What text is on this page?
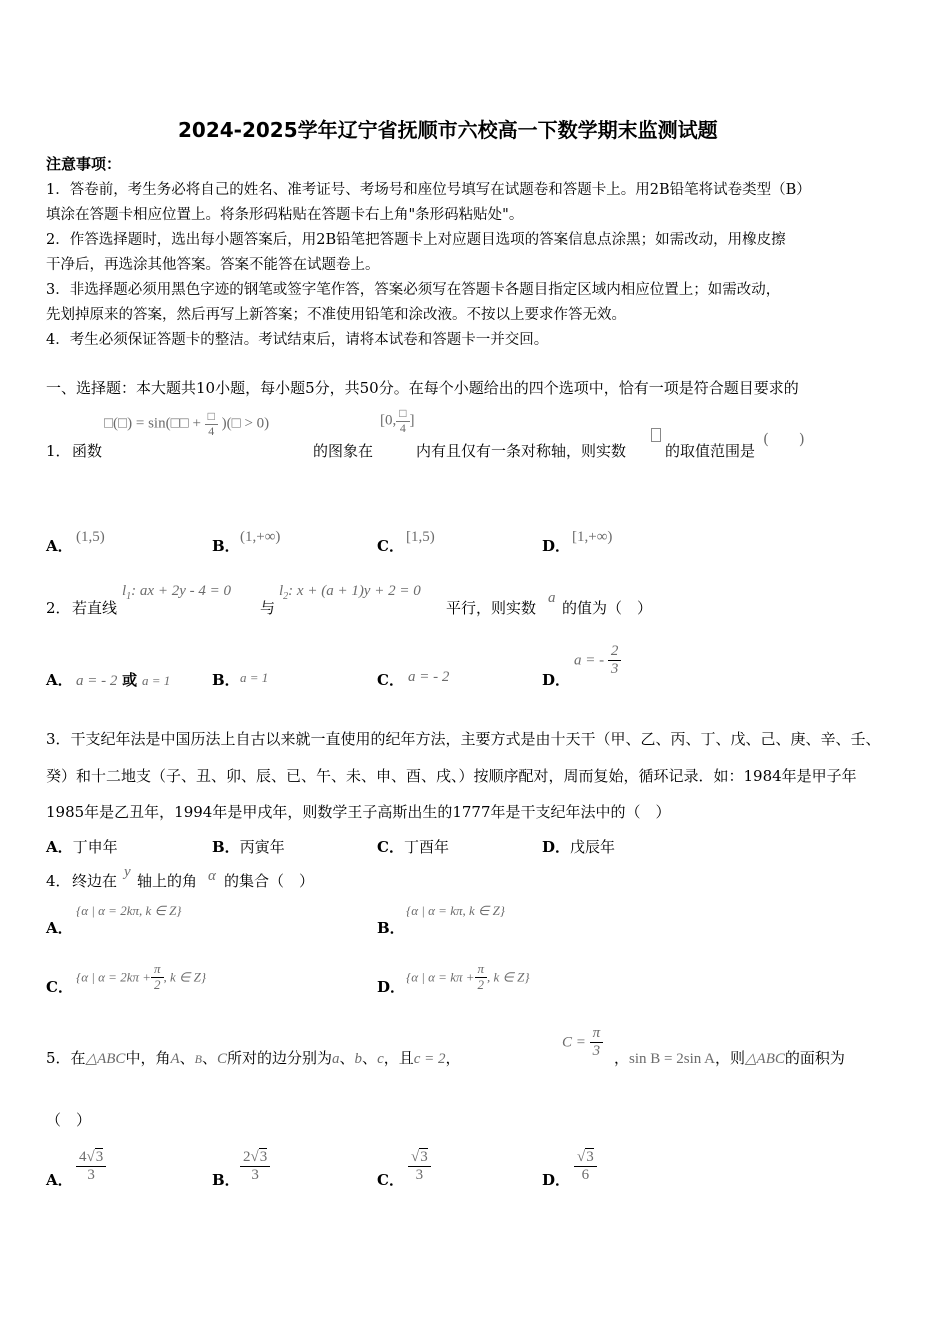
2024-2025学年辽宁省抚顺市六校高一下数学期末监测试题
注意事项：
1．答卷前，考生务必将自己的姓名、准考证号、考场号和座位号填写在试题卷和答题卡上。用2B铅笔将试卷类型（B）
填涂在答题卡相应位置上。将条形码粘贴在答题卡右上角"条形码粘贴处"。
2．作答选择题时，选出每小题答案后，用2B铅笔把答题卡上对应题目选项的答案信息点涂黑；如需改动，用橡皮擦
干净后，再选涂其他答案。答案不能答在试题卷上。
3．非选择题必须用黑色字迹的钢笔或签字笔作答，答案必须写在答题卡各题目指定区域内相应位置上；如需改动，
先划掉原来的答案，然后再写上新答案；不准使用铅笔和涂改液。不按以上要求作答无效。
4．考生必须保证答题卡的整洁。考试结束后，请将本试卷和答题卡一并交回。
一、选择题：本大题共10小题，每小题5分，共50分。在每个小题给出的四个选项中，恰有一项是符合题目要求的
□(□) = sin(□□ + $\frac{□}{4}$ )(□ > 0)	[0, $\frac{□}{4}$ ]
1． 函数	的图象在	内有且仅有一条对称轴，则实数	的取值范围是
(　　)
A． (1,5)	B． (1,+∞)	C． [1,5)	D． [1,+∞)
2． 若直线
$l_1$: ax + 2y - 4 = 0
与
$l_2$: x + (a + 1)y + 2 = 0
平行，则实数
a
的值为（　）
A． a = - 2 或 a = 1	B． a = 1	C． a = - 2	D．
a = - $\frac{2}{3}$
3．干支纪年法是中国历法上自古以来就一直使用的纪年方法，主要方式是由十天干（甲、乙、丙、丁、戊、己、庚、辛、壬、
癸）和十二地支（子、丑、卯、辰、已、午、未、申、酉、戌、）按顺序配对，周而复始，循环记录．如：1984年是甲子年
1985年是乙丑年，1994年是甲戌年，则数学王子高斯出生的1777年是干支纪年法中的（　）
A．丁申年	B．丙寅年	C．丁酉年	D．戊辰年
4． 终边在 y 轴上的角 α 的集合（　）
A．
{α | α = 2kπ, k ∈ Z}
B．
{α | α = kπ, k ∈ Z}
C．
{α | $\alpha = 2k\pi + \frac{\pi}{2}$ , k ∈ Z}
D．
{α | $\alpha = k\pi + \frac{\pi}{2}$ , k ∈ Z}
5．在△ABC中，角A、B、C所对的边分别为a、b、c，且c = 2，
$C = \frac{\pi}{3}$ ，sin B = 2sin A，则△ABC的面积为
（　）
A． $\frac{4√3}{3}$	B． $\frac{2√3}{3}$	C． $\frac{√3}{3}$	D． $\frac{√3}{6}$
